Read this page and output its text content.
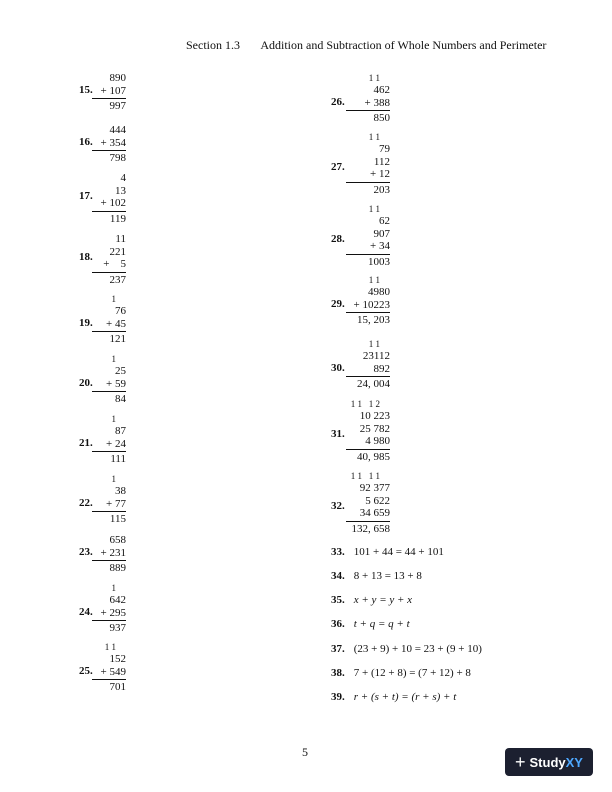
Section 1.3 Addition and Subtraction of Whole Numbers and Perimeter
15.
890
+ 107
997
16.
444
+ 354
798
17.
4
13
+ 102
119
18.
11
221
+    5
237
19.
1
76
+ 45
121
20.
1
25
+ 59
84
21.
1
87
+ 24
111
22.
1
38
+ 77
115
23.
658
+ 231
889
24.
1
642
+ 295
937
25.
1 1
152
+ 549
701
26.
1 1
462
+ 388
850
27.
1 1
79
112
+ 12
203
28.
1 1
62
907
+ 34
1003
29.
1 1
4980
+ 10223
15, 203
30.
1 1
23112
892
24, 004
31.
1 1   1 2
10 223
25 782
4 980
40, 985
32.
1 1   1 1
92 377
5 622
34 659
132, 658
33. 101 + 44 = 44 + 101
34. 8 + 13 = 13 + 8
35. x + y = y + x
36. t + q = q + t
37. (23 + 9) + 10 = 23 + (9 + 10)
38. 7 + (12 + 8) = (7 + 12) + 8
39. r + (s + t) = (r + s) + t
5	+ Study XY
